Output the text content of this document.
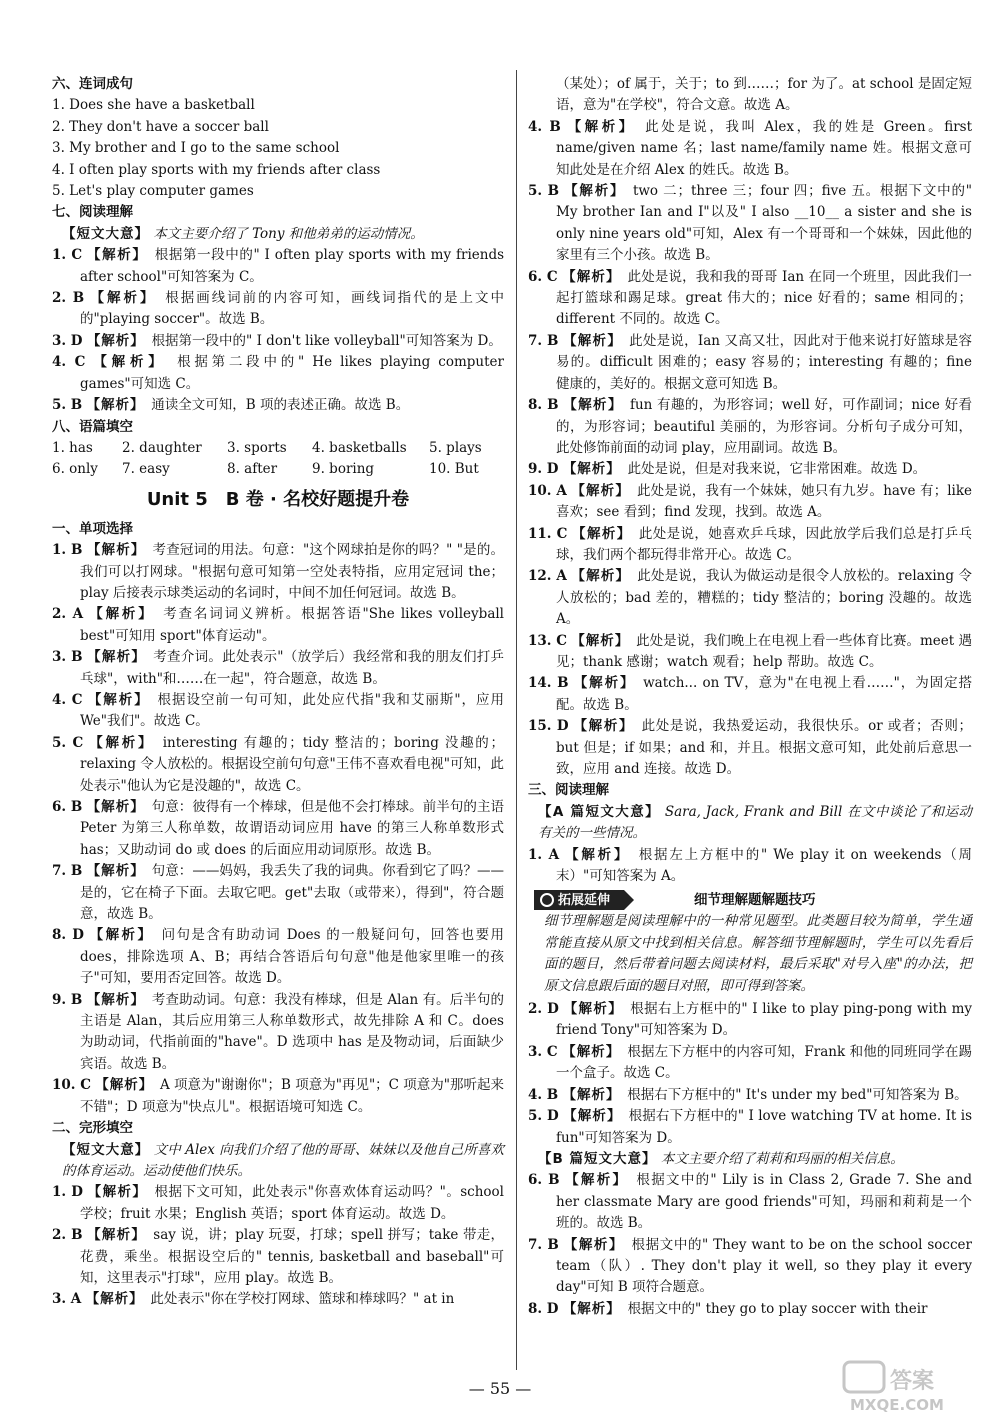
六、连词成句

1. Does she have a basketball

2. They don't have a soccer ball

3. My brother and I go to the same school

4. I often play sports with my friends after class

5. Let's play computer games

七、阅读理解

【短文大意】 本文主要介绍了 Tony 和他弟弟的运动情况。

1. C 【解析】　 根据第一段中的" I often play sports with my friends after school"可知答案为 C。

2. B 【解析】　 根据画线词前的内容可知，画线词指代的是上文中的"playing soccer"。故选 B。

3. D 【解析】　 根据第一段中的" I don't like volleyball"可知答案为 D。

4. C 【解析】　 根据第二段中的" He likes playing computer games"可知选 C。

5. B 【解析】　 通读全文可知，B 项的表述正确。故选 B。

八、语篇填空

1. has	2. daughter	3. sports	4. basketballs	5. plays
6. only	7. easy	8. after	9. boring	10. But
Unit 5　B 卷 · 名校好题提升卷

一、单项选择

1. B 【解析】　 考查冠词的用法。句意："这个网球拍是你的吗？" "是的。我们可以打网球。"根据句意可知第一空处表特指，应用定冠词 the；play 后接表示球类运动的名词时，中间不加任何冠词。故选 B。

2. A 【解析】　 考查名词词义辨析。根据答语"She likes volleyball best"可知用 sport"体育运动"。

3. B 【解析】　 考查介词。此处表示"（放学后）我经常和我的朋友们打乒乓球"，with"和……在一起"，符合题意，故选 B。

4. C 【解析】　 根据设空前一句可知，此处应代指"我和艾丽斯"，应用 We"我们"。故选 C。

5. C 【解析】　 interesting 有趣的；tidy 整洁的；boring 没趣的；relaxing 令人放松的。根据设空前句句意"王伟不喜欢看电视"可知，此处表示"他认为它是没趣的"，故选 C。

6. B 【解析】　 句意：彼得有一个棒球，但是他不会打棒球。前半句的主语 Peter 为第三人称单数，故谓语动词应用 have 的第三人称单数形式 has；又助动词 do 或 does 的后面应用动词原形。故选 B。

7. B 【解析】　 句意：——妈妈，我丢失了我的词典。你看到它了吗？——是的，它在椅子下面。去取它吧。get"去取（或带来），得到"，符合题意，故选 B。

8. D 【解析】　 问句是含有助动词 Does 的一般疑问句，回答也要用 does，排除选项 A、B；再结合答语后句句意"他是他家里唯一的孩子"可知，要用否定回答。故选 D。

9. B 【解析】　 考查助动词。句意：我没有棒球，但是 Alan 有。后半句的主语是 Alan，其后应用第三人称单数形式，故先排除 A 和 C。does 为助动词，代指前面的"have"。D 选项中 has 是及物动词，后面缺少宾语。故选 B。

10. C 【解析】　 A 项意为"谢谢你"；B 项意为"再见"；C 项意为"那听起来不错"；D 项意为"快点儿"。根据语境可知选 C。

二、完形填空

【短文大意】 文中 Alex 向我们介绍了他的哥哥、妹妹以及他自己所喜欢的体育运动。运动使他们快乐。

1. D 【解析】　 根据下文可知，此处表示"你喜欢体育运动吗？"。school 学校；fruit 水果；English 英语；sport 体育运动。故选 D。

2. B 【解析】　 say 说，讲；play 玩耍，打球；spell 拼写；take 带走，花费，乘坐。根据设空后的" tennis, basketball and baseball"可知，这里表示"打球"，应用 play。故选 B。

3. A 【解析】　 此处表示"你在学校打网球、篮球和棒球吗？" at in

（某处）；of 属于，关于；to 到……；for 为了。at school 是固定短语，意为"在学校"，符合文意。故选 A。

4. B 【解析】　 此处是说，我叫 Alex，我的姓是 Green。first name/given name 名；last name/family name 姓。根据文意可知此处是在介绍 Alex 的姓氏。故选 B。

5. B 【解析】　 two 二；three 三；four 四；five 五。根据下文中的" My brother Ian and I"以及" I also __10__ a sister and she is only nine years old"可知，Alex 有一个哥哥和一个妹妹，因此他的家里有三个小孩。故选 B。

6. C 【解析】　 此处是说，我和我的哥哥 Ian 在同一个班里，因此我们一起打篮球和踢足球。great 伟大的；nice 好看的；same 相同的；different 不同的。故选 C。

7. B 【解析】　 此处是说，Ian 又高又壮，因此对于他来说打好篮球是容易的。difficult 困难的；easy 容易的；interesting 有趣的；fine 健康的，美好的。根据文意可知选 B。

8. B 【解析】　 fun 有趣的，为形容词；well 好，可作副词；nice 好看的，为形容词；beautiful 美丽的，为形容词。分析句子成分可知，此处修饰前面的动词 play，应用副词。故选 B。

9. D 【解析】　 此处是说，但是对我来说，它非常困难。故选 D。

10. A 【解析】　 此处是说，我有一个妹妹，她只有九岁。have 有；like 喜欢；see 看到；find 发现，找到。故选 A。

11. C 【解析】　 此处是说，她喜欢乒乓球，因此放学后我们总是打乒乓球，我们两个都玩得非常开心。故选 C。

12. A 【解析】　 此处是说，我认为做运动是很令人放松的。relaxing 令人放松的；bad 差的，糟糕的；tidy 整洁的；boring 没趣的。故选 A。

13. C 【解析】　 此处是说，我们晚上在电视上看一些体育比赛。meet 遇见；thank 感谢；watch 观看；help 帮助。故选 C。

14. B 【解析】　 watch... on TV，意为"在电视上看……"，为固定搭配。故选 B。

15. D 【解析】　 此处是说，我热爱运动，我很快乐。or 或者；否则；but 但是；if 如果；and 和，并且。根据文意可知，此处前后意思一致，应用 and 连接。故选 D。

三、阅读理解

【A 篇短文大意】 Sara, Jack, Frank and Bill 在文中谈论了和运动有关的一些情况。

1. A 【解析】　 根据左上方框中的" We play it on weekends（周末）"可知答案为 A。

拓展延伸	细节理解题解题技巧

细节理解题是阅读理解中的一种常见题型。此类题目较为简单，学生通常能直接从原文中找到相关信息。解答细节理解题时，学生可以先看后面的题目，然后带着问题去阅读材料，最后采取"对号入座"的办法，把原文信息跟后面的题目对照，即可得到答案。

2. D 【解析】　 根据右上方框中的" I like to play ping-pong with my friend Tony"可知答案为 D。

3. C 【解析】　 根据左下方框中的内容可知，Frank 和他的同班同学在踢一个盒子。故选 C。

4. B 【解析】　 根据右下方框中的" It's under my bed"可知答案为 B。

5. D 【解析】　 根据右下方框中的" I love watching TV at home. It is fun"可知答案为 D。

【B 篇短文大意】 本文主要介绍了莉莉和玛丽的相关信息。

6. B 【解析】　 根据文中的" Lily is in Class 2, Grade 7. She and her classmate Mary are good friends"可知，玛丽和莉莉是一个班的。故选 B。

7. B 【解析】　 根据文中的" They want to be on the school soccer team（队）. They don't play it well, so they play it every day"可知 B 项符合题意。

8. D 【解析】　 根据文中的" they go to play soccer with their

— 55 —	答案
MXQE.COM
